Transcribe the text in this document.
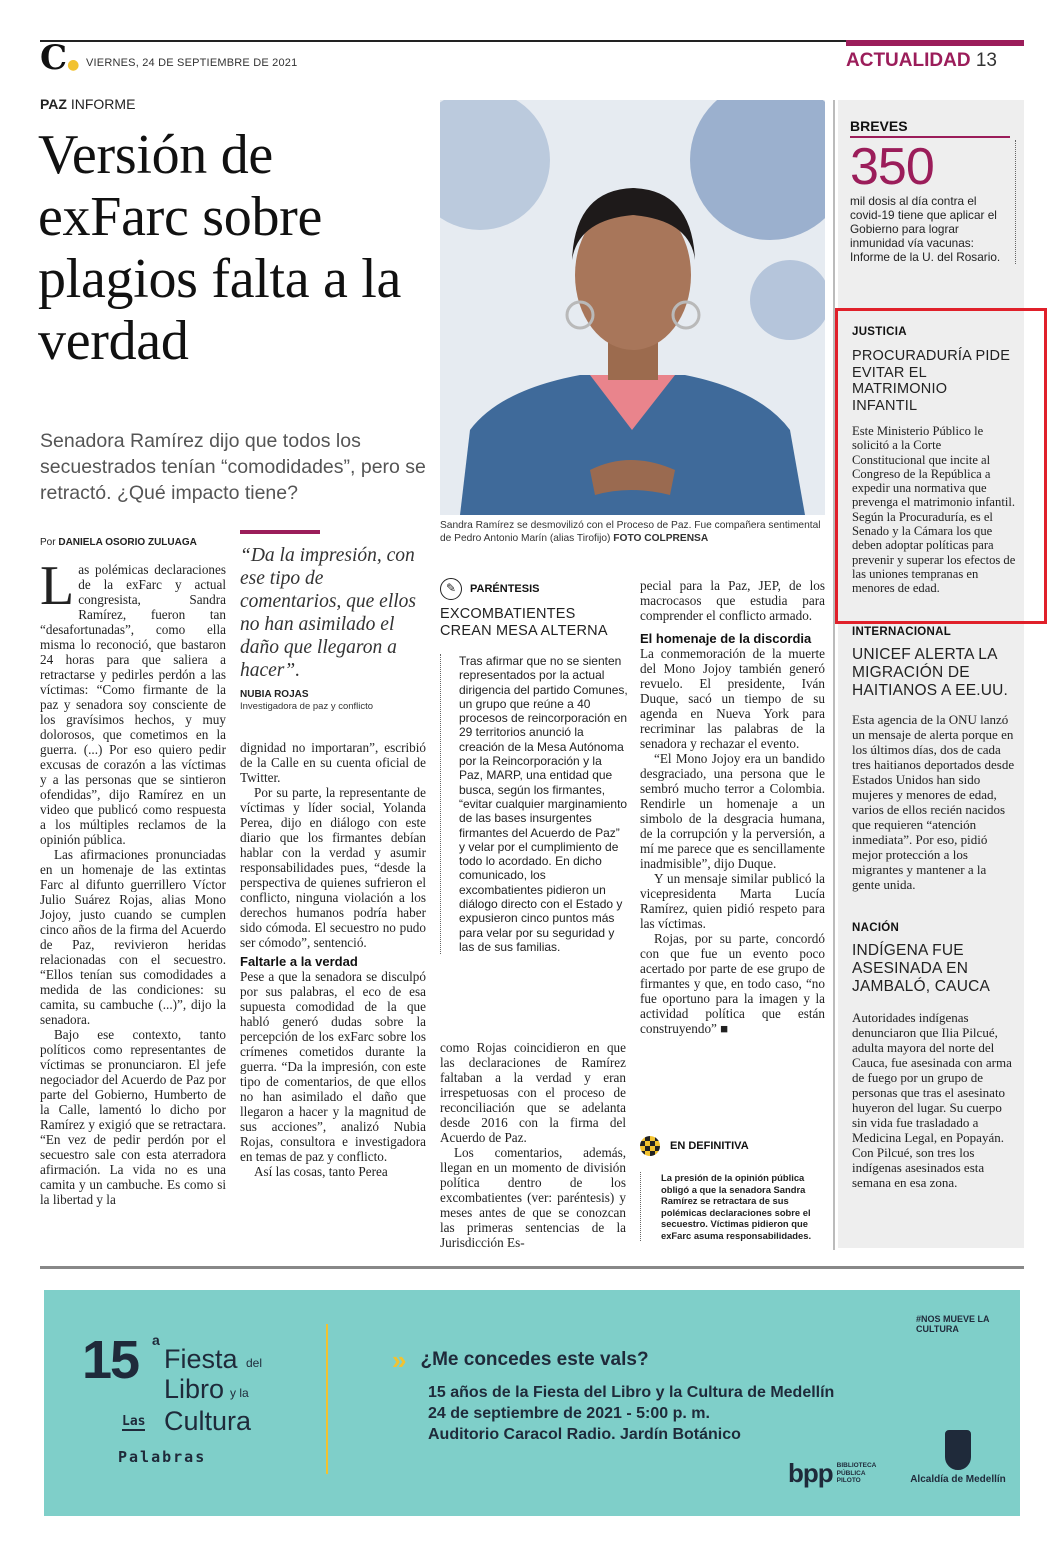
C● VIERNES, 24 DE SEPTIEMBRE DE 2021	ACTUALIDAD 13
PAZ INFORME
Versión de exFarc sobre plagios falta a la verdad
Senadora Ramírez dijo que todos los secuestrados tenían “comodidades”, pero se retractó. ¿Qué impacto tiene?
Sandra Ramírez se desmovilizó con el Proceso de Paz. Fue compañera sentimental de Pedro Antonio Marín (alias Tirofijo) FOTO COLPRENSA
Por DANIELA OSORIO ZULUAGA

Las polémicas declaraciones de la exFarc y actual congresista, Sandra Ramírez, fueron tan “desafortunadas”, como ella misma lo reconoció, que bastaron 24 horas para que saliera a retractarse y pedirles perdón a las víctimas: “Como firmante de la paz y senadora soy consciente de los gravísimos hechos, y muy dolorosos, que cometimos en la guerra. (...) Por eso quiero pedir excusas de corazón a las víctimas y a las personas que se sintieron ofendidas”, dijo Ramírez en un video que publicó como respuesta a los múltiples reclamos de la opinión pública.

Las afirmaciones pronunciadas en un homenaje de las extintas Farc al difunto guerrillero Víctor Julio Suárez Rojas, alias Mono Jojoy, justo cuando se cumplen cinco años de la firma del Acuerdo de Paz, revivieron heridas relacionadas con el secuestro. “Ellos tenían sus comodidades a medida de las condiciones: su camita, su cambuche (...)”, dijo la senadora.

Bajo ese contexto, tanto políticos como representantes de víctimas se pronunciaron. El jefe negociador del Acuerdo de Paz por parte del Gobierno, Humberto de la Calle, lamentó lo dicho por Ramírez y exigió que se retractara. “En vez de pedir perdón por el secuestro sale con esta aterradora afirmación. La vida no es una camita y un cambuche. Es como si la libertad y la

“Da la impresión, con ese tipo de comentarios, que ellos no han asimilado el daño que llegaron a hacer”.
NUBIA ROJAS
Investigadora de paz y conflicto

dignidad no importaran”, escribió de la Calle en su cuenta oficial de Twitter.

Por su parte, la representante de víctimas y líder social, Yolanda Perea, dijo en diálogo con este diario que los firmantes debían hablar con la verdad y asumir responsabilidades pues, “desde la perspectiva de quienes sufrieron el conflicto, ninguna violación a los derechos humanos podría haber sido cómoda. El secuestro no pudo ser cómodo”, sentenció.

Faltarle a la verdad

Pese a que la senadora se disculpó por sus palabras, el eco de esa supuesta comodidad de la que habló generó dudas sobre la percepción de los exFarc sobre los crímenes cometidos durante la guerra. “Da la impresión, con este tipo de comentarios, de que ellos no han asimilado el daño que llegaron a hacer y la magnitud de sus acciones”, analizó Nubia Rojas, consultora e investigadora en temas de paz y conflicto.

Así las cosas, tanto Perea

✎	PARÉNTESIS
EXCOMBATIENTES CREAN MESA ALTERNA
Tras afirmar que no se sienten representados por la actual dirigencia del partido Comunes, un grupo que reúne a 40 procesos de reincorporación en 29 territorios anunció la creación de la Mesa Autónoma por la Reincorporación y la Paz, MARP, una entidad que busca, según los firmantes, “evitar cualquier marginamiento de las bases insurgentes firmantes del Acuerdo de Paz” y velar por el cumplimiento de todo lo acordado. En dicho comunicado, los excombatientes pidieron un diálogo directo con el Estado y expusieron cinco puntos más para velar por su seguridad y las de sus familias.

como Rojas coincidieron en que las declaraciones de Ramírez faltaban a la verdad y eran irrespetuosas con el proceso de reconciliación que se adelanta desde 2016 con la firma del Acuerdo de Paz.

Los comentarios, además, llegan en un momento de división política dentro de los excombatientes (ver: paréntesis) y meses antes de que se conozcan las primeras sentencias de la Jurisdicción Es-

pecial para la Paz, JEP, de los macrocasos que estudia para comprender el conflicto armado.

El homenaje de la discordia

La conmemoración de la muerte del Mono Jojoy también generó revuelo. El presidente, Iván Duque, sacó un tiempo de su agenda en Nueva York para recriminar las palabras de la senadora y rechazar el evento.

“El Mono Jojoy era un bandido desgraciado, una persona que le sembró mucho terror a Colombia. Rendirle un homenaje a un simbolo de la desgracia humana, de la corrupción y la perversión, a mí me parece que es sencillamente inadmisible”, dijo Duque.

Y un mensaje similar publicó la vicepresidenta Marta Lucía Ramírez, quien pidió respeto para las víctimas.

Rojas, por su parte, concordó con que fue un evento poco acertado por parte de ese grupo de firmantes y que, en todo caso, “no fue oportuno para la imagen y la actividad política que están construyendo” ■

EN DEFINITIVA
La presión de la opinión pública obligó a que la senadora Sandra Ramírez se retractara de sus polémicas declaraciones sobre el secuestro. Víctimas pidieron que exFarc asuma responsabilidades.
BREVES
350
mil dosis al día contra el covid-19 tiene que aplicar el Gobierno para lograr inmunidad vía vacunas: Informe de la U. del Rosario.
JUSTICIA
PROCURADURÍA PIDE EVITAR EL MATRIMONIO INFANTIL
Este Ministerio Público le solicitó a la Corte Constitucional que incite al Congreso de la República a expedir una normativa que prevenga el matrimonio infantil. Según la Procuraduría, es el Senado y la Cámara los que deben adoptar políticas para prevenir y superar los efectos de las uniones tempranas en menores de edad.
INTERNACIONAL
UNICEF ALERTA LA MIGRACIÓN DE HAITIANOS A EE.UU.
Esta agencia de la ONU lanzó un mensaje de alerta porque en los últimos días, dos de cada tres haitianos deportados desde Estados Unidos han sido mujeres y menores de edad, varios de ellos recién nacidos que requieren “atención inmediata”. Por eso, pidió mejor protección a los migrantes y mantener a la gente unida.
NACIÓN
INDÍGENA FUE ASESINADA EN JAMBALÓ, CAUCA
Autoridades indígenas denunciaron que Ilia Pilcué, adulta mayora del norte del Cauca, fue asesinada con arma de fuego por un grupo de personas que tras el asesinato huyeron del lugar. Su cuerpo sin vida fue trasladado a Medicina Legal, en Popayán. Con Pilcué, son tres los indígenas asesinados esta semana en esa zona.
15 a
Fiesta del
Libro y la
Las Cultura
Palabras
» ¿Me concedes este vals?
15 años de la Fiesta del Libro y la Cultura de Medellín
24 de septiembre de 2021 - 5:00 p. m.
Auditorio Caracol Radio. Jardín Botánico
#NOS MUEVE LA CULTURA
bpp BIBLIOTECA PÚBLICA PILOTO	Alcaldía de Medellín
